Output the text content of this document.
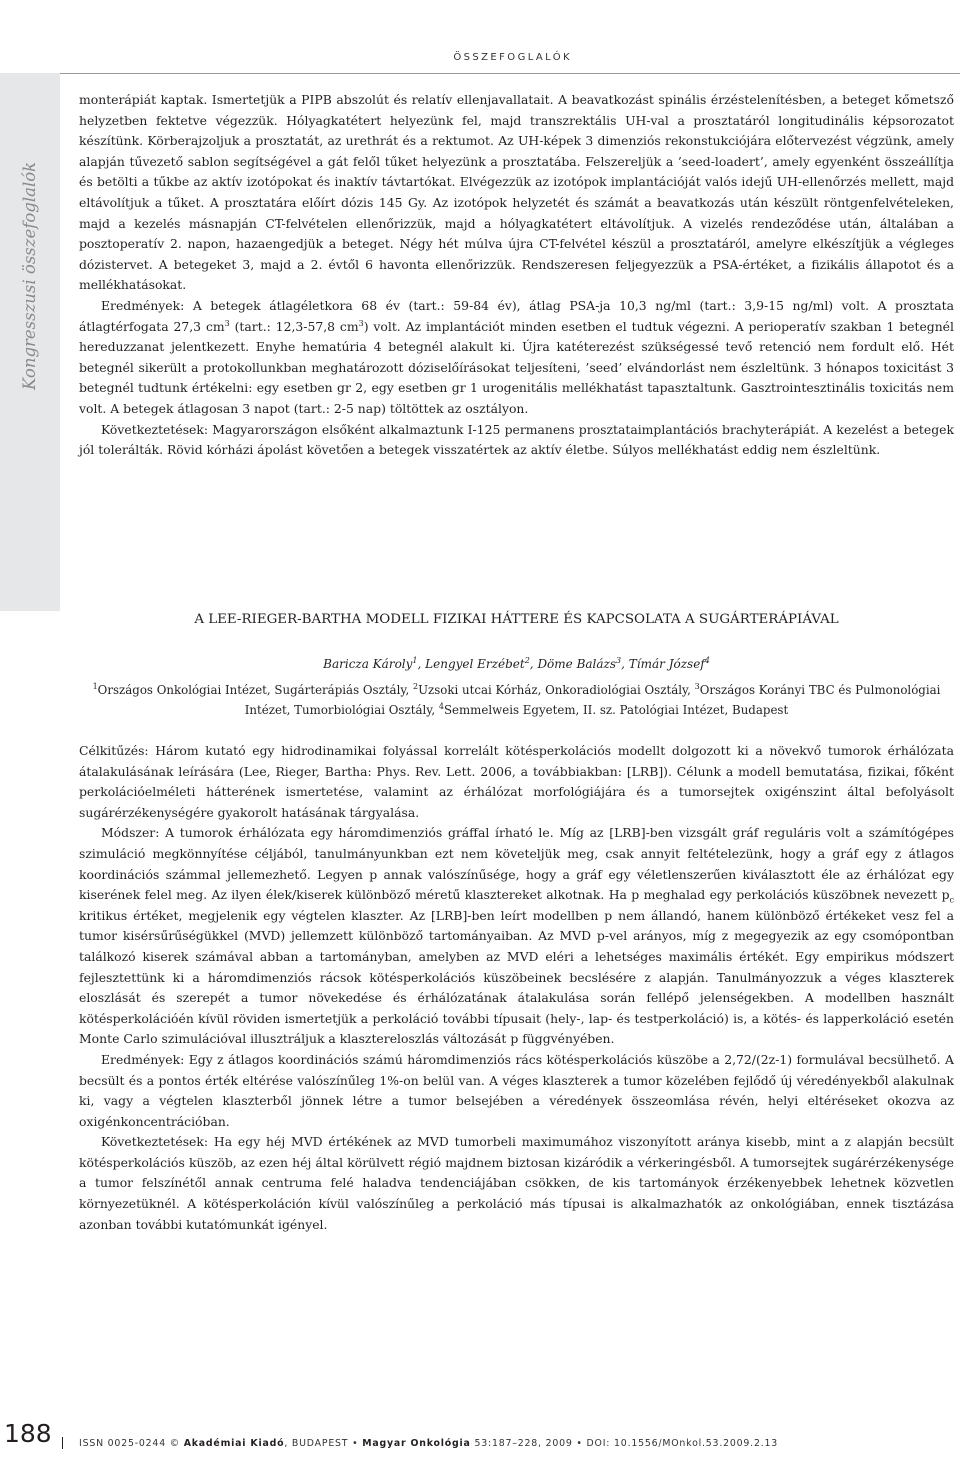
ÖSSZEFOGLALÓK

monterápiát kaptak. Ismertetjük a PIPB abszolút és relatív ellenjavallatait. A beavatkozást spinális érzéstelenítésben, a beteget kőmetsző helyzetben fektetve végezzük. Hólyagkatétert helyezünk fel, majd transzrektális UH-val a prosztatáról longitudinális képsorozatot készítünk. Körberajzoljuk a prosztatát, az urethrát és a rektumot. Az UH-képek 3 dimenziós rekonstukciójára előtervezést végzünk, amely alapján tűvezető sablon segítségével a gát felől tűket helyezünk a prosztatába. Felszereljük a ’seed-loadert’, amely egyenként összeállítja és betölti a tűkbe az aktív izotópokat és inaktív távtartókat. Elvégezzük az izotópok implantációját valós idejű UH-ellenőrzés mellett, majd eltávolítjuk a tűket. A prosztatára előírt dózis 145 Gy. Az izotópok helyzetét és számát a beavatkozás után készült röntgenfelvételeken, majd a kezelés másnapján CT-felvételen ellenőrizzük, majd a hólyagkatétert eltávolítjuk. A vizelés rendeződése után, általában a posztoperatív 2. napon, hazaengedjük a beteget. Négy hét múlva újra CT-felvétel készül a prosztatáról, amelyre elkészítjük a végleges dózistervet. A betegeket 3, majd a 2. évtől 6 havonta ellenőrizzük. Rendszeresen feljegyezzük a PSA-értéket, a fizikális állapotot és a mellékhatásokat.

Eredmények: A betegek átlagéletkora 68 év (tart.: 59-84 év), átlag PSA-ja 10,3 ng/ml (tart.: 3,9-15 ng/ml) volt. A prosztata átlagtérfogata 27,3 $cm^3$ (tart.: 12,3-57,8 $cm^3$) volt. Az implantációt minden esetben el tudtuk végezni. A perioperatív szakban 1 betegnél hereduzzanat jelentkezett. Enyhe hematúria 4 betegnél alakult ki. Újra katéterezést szükségessé tevő retenció nem fordult elő. Hét betegnél sikerült a protokollunkban meghatározott dóziselőírásokat teljesíteni, ’seed’ elvándorlást nem észleltünk. 3 hónapos toxicitást 3 betegnél tudtunk értékelni: egy esetben gr 2, egy esetben gr 1 urogenitális mellékhatást tapasztaltunk. Gasztrointesztinális toxicitás nem volt. A betegek átlagosan 3 napot (tart.: 2-5 nap) töltöttek az osztályon.

Következtetések: Magyarországon elsőként alkalmaztunk I-125 permanens prosztataimplantációs brachyterápiát. A kezelést a betegek jól tolerálták. Rövid kórházi ápolást követően a betegek visszatértek az aktív életbe. Súlyos mellékhatást eddig nem észleltünk.

A LEE-RIEGER-BARTHA MODELL FIZIKAI HÁTTERE ÉS KAPCSOLATA A SUGÁRTERÁPIÁVAL
Baricza Károly$^1$, Lengyel Erzébet$^2$, Döme Balázs$^3$, Tímár József$^4$
$^1$Országos Onkológiai Intézet, Sugárterápiás Osztály, $^2$Uzsoki utcai Kórház, Onkoradiológiai Osztály, $^3$Országos Korányi TBC és Pulmonológiai Intézet, Tumorbiológiai Osztály, $^4$Semmelweis Egyetem, II. sz. Patológiai Intézet, Budapest

Célkitűzés: Három kutató egy hidrodinamikai folyással korrelált kötésperkolációs modellt dolgozott ki a növekvő tumorok érhálózata átalakulásának leírására (Lee, Rieger, Bartha: Phys. Rev. Lett. 2006, a továbbiakban: [LRB]). Célunk a modell bemutatása, fizikai, főként perkolációelméleti hátterének ismertetése, valamint az érhálózat morfológiájára és a tumorsejtek oxigénszint által befolyásolt sugárérzékenységére gyakorolt hatásának tárgyalása.

Módszer: A tumorok érhálózata egy háromdimenziós gráffal írható le. Míg az [LRB]-ben vizsgált gráf reguláris volt a számítógépes szimuláció megkönnyítése céljából, tanulmányunkban ezt nem követeljük meg, csak annyit feltételezünk, hogy a gráf egy z átlagos koordinációs számmal jellemezhető. Legyen p annak valószínűsége, hogy a gráf egy véletlenszerűen kiválasztott éle az érhálózat egy kiserének felel meg. Az ilyen élek/kiserek különböző méretű klasztereket alkotnak. Ha p meghalad egy perkolációs küszöbnek nevezett $p_c$ kritikus értéket, megjelenik egy végtelen klaszter. Az [LRB]-ben leírt modellben p nem állandó, hanem különböző értékeket vesz fel a tumor kisérsűrűségükkel (MVD) jellemzett különböző tartományaiban. Az MVD p-vel arányos, míg z megegyezik az egy csomópontban találkozó kiserek számával abban a tartományban, amelyben az MVD eléri a lehetséges maximális értékét. Egy empirikus módszert fejlesztettünk ki a háromdimenziós rácsok kötésperkolációs küszöbeinek becslésére z alapján. Tanulmányozzuk a véges klaszterek eloszlását és szerepét a tumor növekedése és érhálózatának átalakulása során fellépő jelenségekben. A modellben használt kötésperkolációén kívül röviden ismertetjük a perkoláció további típusait (hely-, lap- és testperkoláció) is, a kötés- és lapperkoláció esetén Monte Carlo szimulációval illusztráljuk a klasztereloszlás változását p függvényében.

Eredmények: Egy z átlagos koordinációs számú háromdimenziós rács kötésperkolációs küszöbe a 2,72/(2z-1) formulával becsülhető. A becsült és a pontos érték eltérése valószínűleg 1%-on belül van. A véges klaszterek a tumor közelében fejlődő új véredényekből alakulnak ki, vagy a végtelen klaszterből jönnek létre a tumor belsejében a véredények összeomlása révén, helyi eltéréseket okozva az oxigénkoncentrációban.

Következtetések: Ha egy héj MVD értékének az MVD tumorbeli maximumához viszonyított aránya kisebb, mint a z alapján becsült kötésperkolációs küszöb, az ezen héj által körülvett régió majdnem biztosan kizáródik a vérkeringésből. A tumorsejtek sugárérzékenysége a tumor felszínétől annak centruma felé haladva tendenciájában csökken, de kis tartományok érzékenyebbek lehetnek közvetlen környezetüknél. A kötésperkoláción kívül valószínűleg a perkoláció más típusai is alkalmazhatók az onkológiában, ennek tisztázása azonban további kutatómunkát igényel.

188	ISSN 0025-0244 © Akadémiai Kiadó, BUDAPEST • Magyar Onkológia 53:187–228, 2009 • DOI: 10.1556/MOnkol.53.2009.2.13
